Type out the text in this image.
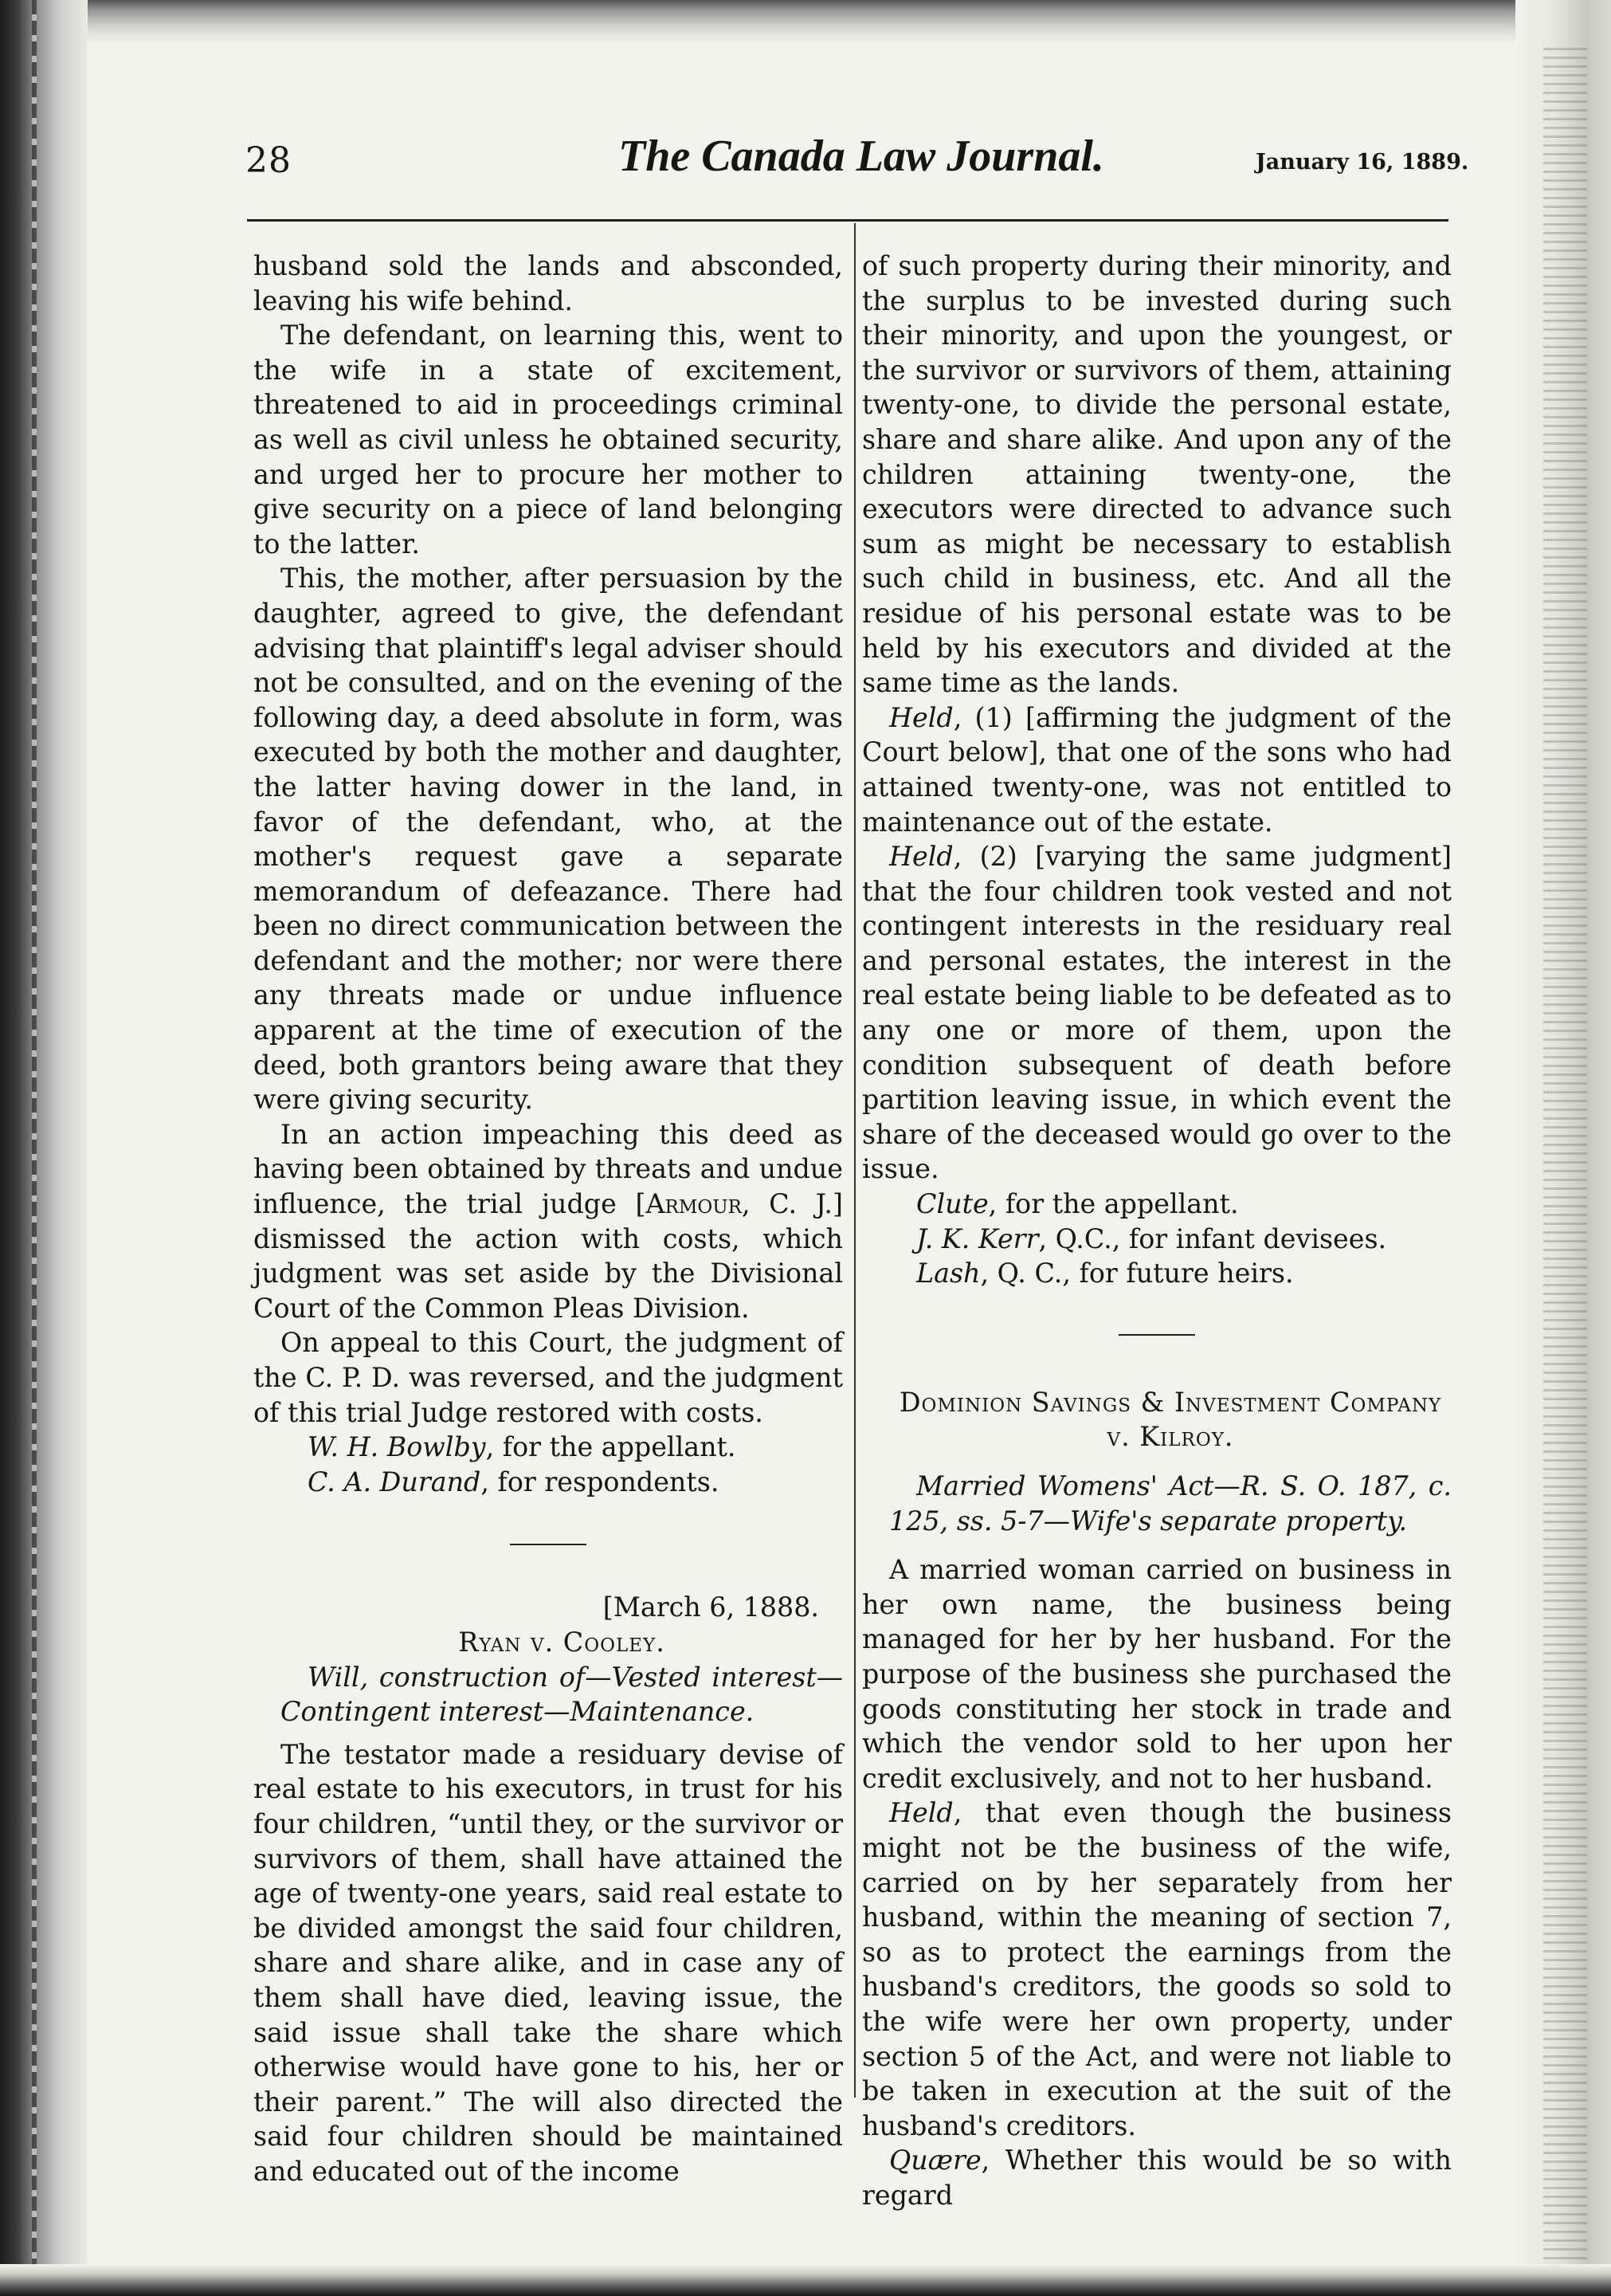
28	The Canada Law Journal.	January 16, 1889.

husband sold the lands and absconded, leaving his wife behind.

The defendant, on learning this, went to the wife in a state of excitement, threatened to aid in proceedings criminal as well as civil unless he obtained security, and urged her to procure her mother to give security on a piece of land belonging to the latter.

This, the mother, after persuasion by the daughter, agreed to give, the defendant advising that plaintiff's legal adviser should not be consulted, and on the evening of the following day, a deed absolute in form, was executed by both the mother and daughter, the latter having dower in the land, in favor of the defendant, who, at the mother's request gave a separate memorandum of defeazance. There had been no direct communication between the defendant and the mother; nor were there any threats made or undue influence apparent at the time of execution of the deed, both grantors being aware that they were giving security.

In an action impeaching this deed as having been obtained by threats and undue influence, the trial judge [Armour, C. J.] dismissed the action with costs, which judgment was set aside by the Divisional Court of the Common Pleas Division.

On appeal to this Court, the judgment of the C. P. D. was reversed, and the judgment of this trial Judge restored with costs.

W. H. Bowlby, for the appellant.

C. A. Durand, for respondents.

[March 6, 1888.

Ryan v. Cooley.

Will, construction of—Vested interest—Contingent interest—Maintenance.

The testator made a residuary devise of real estate to his executors, in trust for his four children, “until they, or the survivor or survivors of them, shall have attained the age of twenty-one years, said real estate to be divided amongst the said four children, share and share alike, and in case any of them shall have died, leaving issue, the said issue shall take the share which otherwise would have gone to his, her or their parent.” The will also directed the said four children should be maintained and educated out of the income

of such property during their minority, and the surplus to be invested during such their minority, and upon the youngest, or the survivor or survivors of them, attaining twenty-one, to divide the personal estate, share and share alike. And upon any of the children attaining twenty-one, the executors were directed to advance such sum as might be necessary to establish such child in business, etc. And all the residue of his personal estate was to be held by his executors and divided at the same time as the lands.

Held, (1) [affirming the judgment of the Court below], that one of the sons who had attained twenty-one, was not entitled to maintenance out of the estate.

Held, (2) [varying the same judgment] that the four children took vested and not contingent interests in the residuary real and personal estates, the interest in the real estate being liable to be defeated as to any one or more of them, upon the condition subsequent of death before partition leaving issue, in which event the share of the deceased would go over to the issue.

Clute, for the appellant.

J. K. Kerr, Q.C., for infant devisees.

Lash, Q. C., for future heirs.

Dominion Savings & Investment Company

v. Kilroy.

Married Womens' Act—R. S. O. 187, c. 125, ss. 5-7—Wife's separate property.

A married woman carried on business in her own name, the business being managed for her by her husband. For the purpose of the business she purchased the goods constituting her stock in trade and which the vendor sold to her upon her credit exclusively, and not to her husband.

Held, that even though the business might not be the business of the wife, carried on by her separately from her husband, within the meaning of section 7, so as to protect the earnings from the husband's creditors, the goods so sold to the wife were her own property, under section 5 of the Act, and were not liable to be taken in execution at the suit of the husband's creditors.

Quære, Whether this would be so with regard
